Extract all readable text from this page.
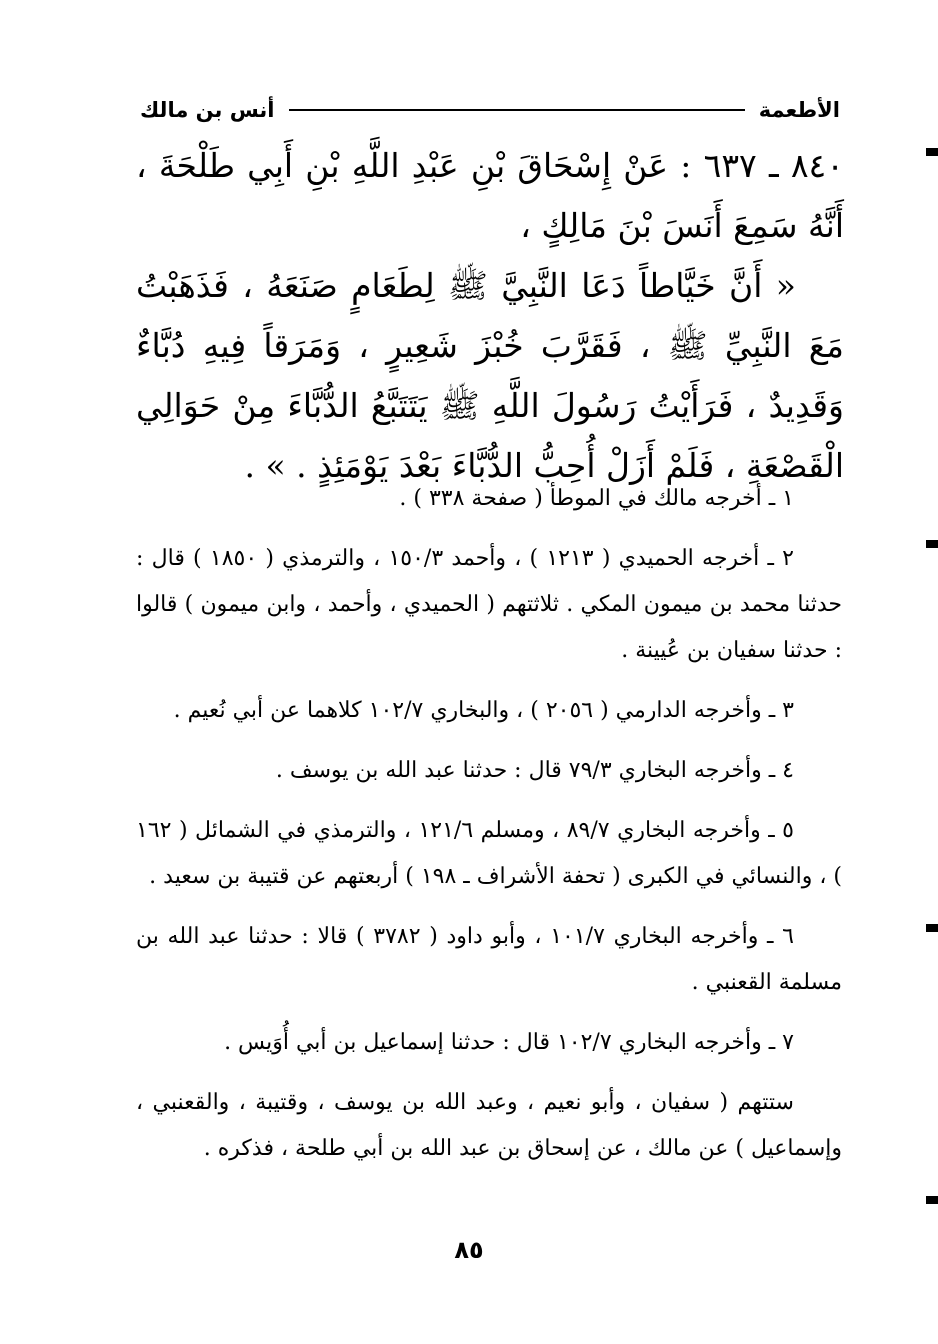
الأطعمة
أنس بن مالك

٨٤٠ ـ ٦٣٧ : عَنْ إِسْحَاقَ بْنِ عَبْدِ اللَّهِ بْنِ أَبِي طَلْحَةَ ، أَنَّهُ سَمِعَ أَنَسَ بْنَ مَالِكٍ ،

« أَنَّ خَيَّاطاً دَعَا النَّبِيَّ ﷺ لِطَعَامٍ صَنَعَهُ ، فَذَهَبْتُ مَعَ النَّبِيِّ ﷺ ، فَقَرَّبَ خُبْزَ شَعِيرٍ ، وَمَرَقاً فِيهِ دُبَّاءٌ وَقَدِيدٌ ، فَرَأَيْتُ رَسُولَ اللَّهِ ﷺ يَتَتَبَّعُ الدُّبَّاءَ مِنْ حَوَالِي الْقَصْعَةِ ، فَلَمْ أَزَلْ أُحِبُّ الدُّبَّاءَ بَعْدَ يَوْمَئِذٍ . » .

١ ـ أخرجه مالك في الموطأ ( صفحة ٣٣٨ ) .

٢ ـ أخرجه الحميدي ( ١٢١٣ ) ، وأحمد ١٥٠/٣ ، والترمذي ( ١٨٥٠ ) قال : حدثنا محمد بن ميمون المكي . ثلاثتهم ( الحميدي ، وأحمد ، وابن ميمون ) قالوا : حدثنا سفيان بن عُيينة .

٣ ـ وأخرجه الدارمي ( ٢٠٥٦ ) ، والبخاري ١٠٢/٧ كلاهما عن أبي نُعيم .

٤ ـ وأخرجه البخاري ٧٩/٣ قال : حدثنا عبد الله بن يوسف .

٥ ـ وأخرجه البخاري ٨٩/٧ ، ومسلم ١٢١/٦ ، والترمذي في الشمائل ( ١٦٢ ) ، والنسائي في الكبرى ( تحفة الأشراف ـ ١٩٨ ) أربعتهم عن قتيبة بن سعيد .

٦ ـ وأخرجه البخاري ١٠١/٧ ، وأبو داود ( ٣٧٨٢ ) قالا : حدثنا عبد الله بن مسلمة القعنبي .

٧ ـ وأخرجه البخاري ١٠٢/٧ قال : حدثنا إسماعيل بن أبي أُوَيس .

ستتهم ( سفيان ، وأبو نعيم ، وعبد الله بن يوسف ، وقتيبة ، والقعنبي ، وإسماعيل ) عن مالك ، عن إسحاق بن عبد الله بن أبي طلحة ، فذكره .

٨٥
